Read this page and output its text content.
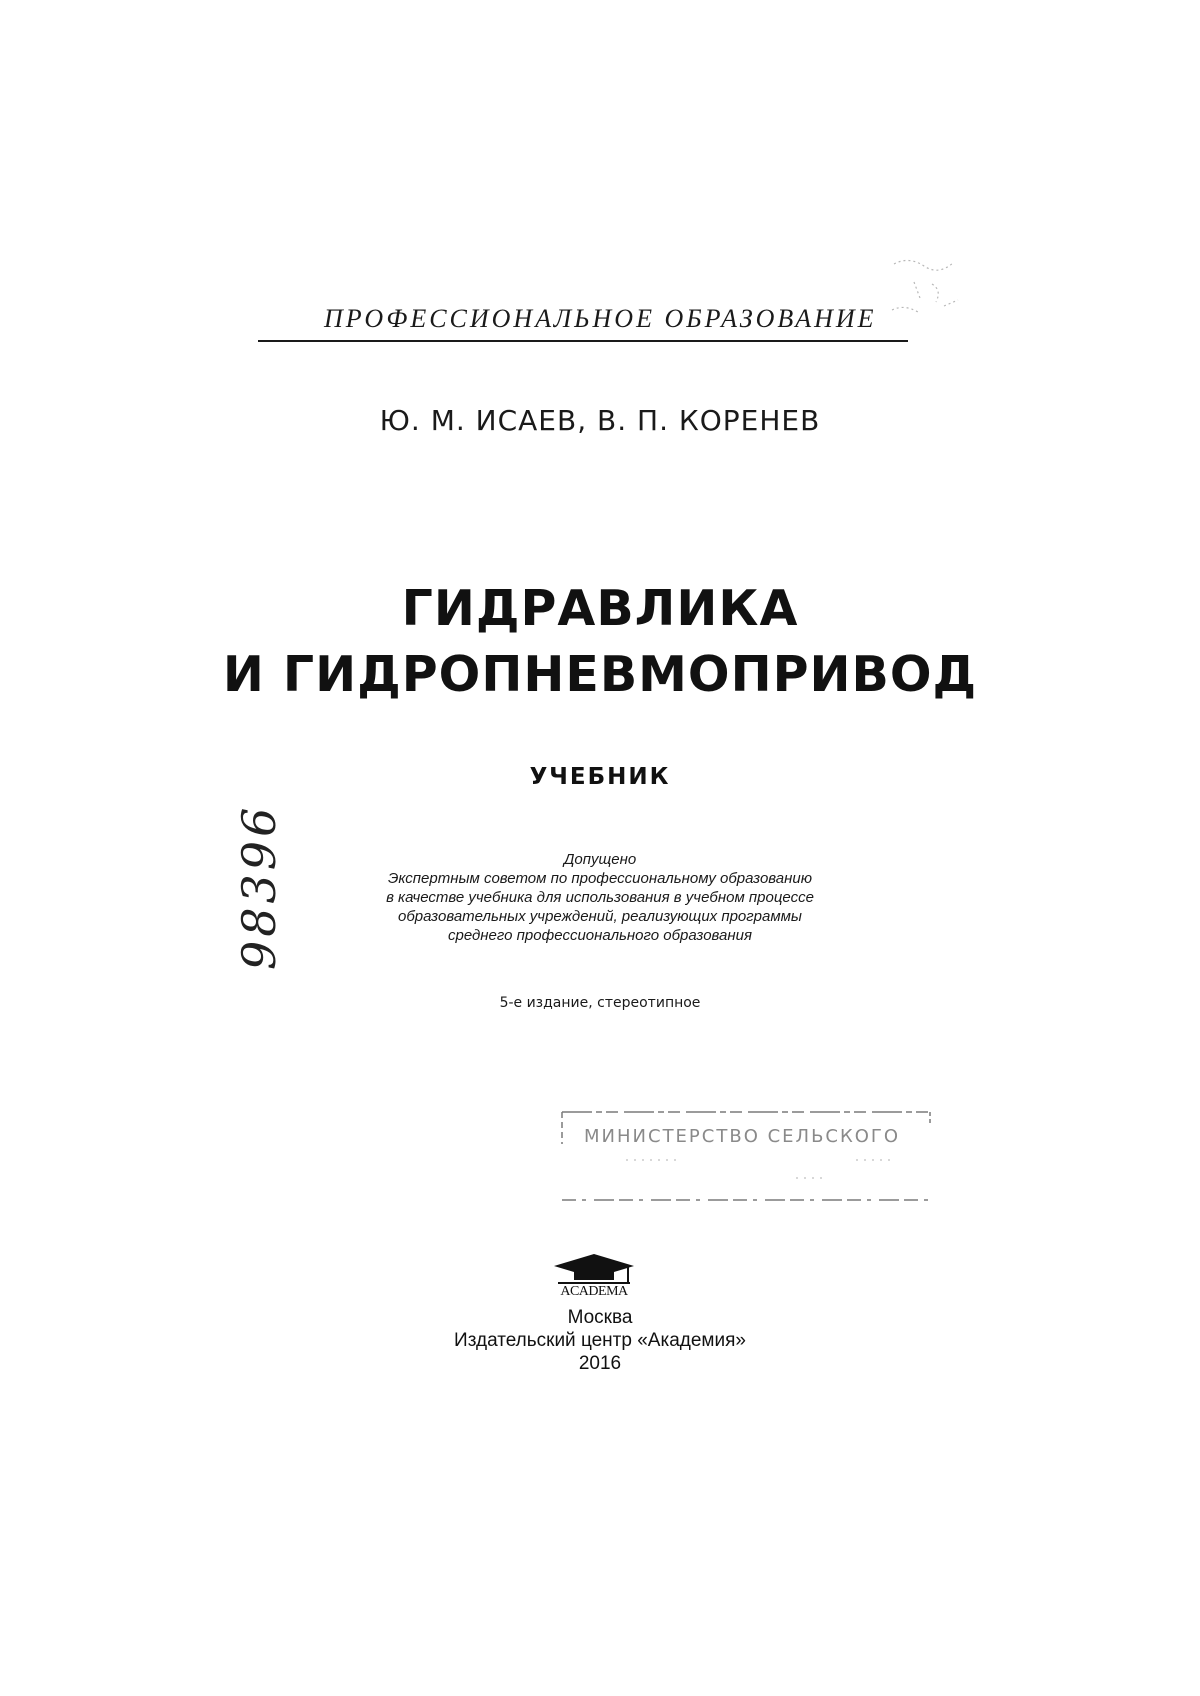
ПРОФЕССИОНАЛЬНОЕ ОБРАЗОВАНИЕ
Ю. М. ИСАЕВ, В. П. КОРЕНЕВ
ГИДРАВЛИКА
И ГИДРОПНЕВМОПРИВОД
УЧЕБНИК
Допущено
Экспертным советом по профессиональному образованию
в качестве учебника для использования в учебном процессе
образовательных учреждений, реализующих программы
среднего профессионального образования
5-е издание, стереотипное
98396
МИНИСТЕРСТВО СЕЛЬСКОГО
ACADEMA
Москва
Издательский центр «Академия»
2016
